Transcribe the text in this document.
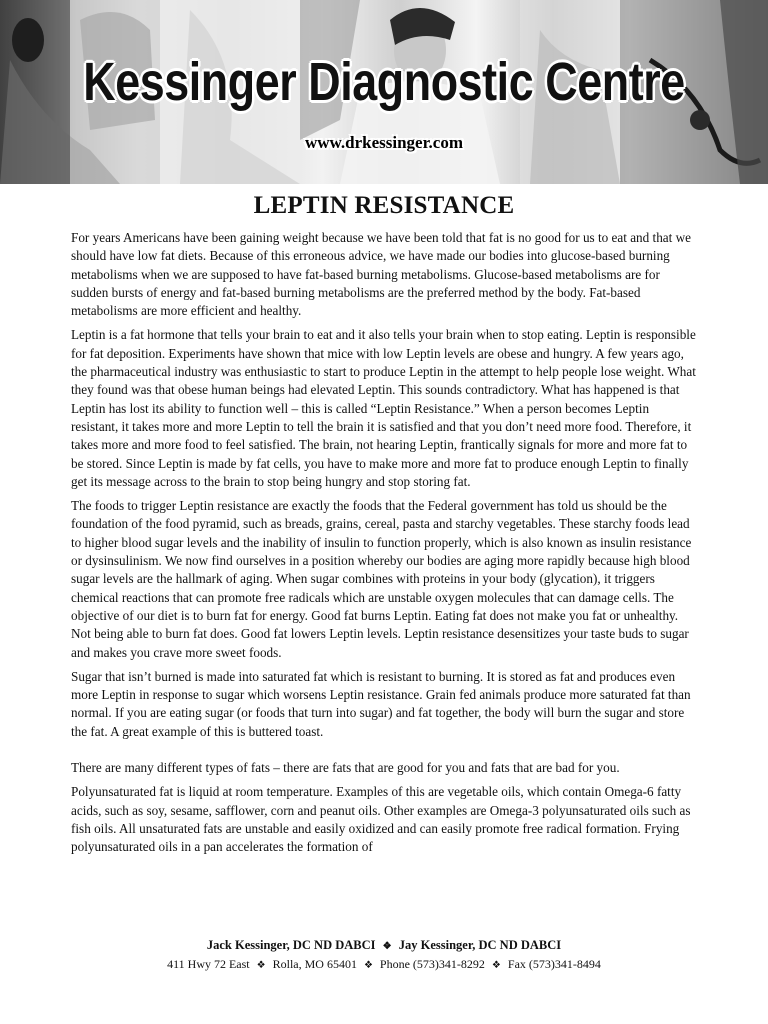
Kessinger Diagnostic Centre
www.drkessinger.com
LEPTIN RESISTANCE

For years Americans have been gaining weight because we have been told that fat is no good for us to eat and that we should have low fat diets. Because of this erroneous advice, we have made our bodies into glucose-based burning metabolisms when we are supposed to have fat-based burning metabolisms. Glucose-based metabolisms are for sudden bursts of energy and fat-based burning metabolisms are the preferred method by the body. Fat-based metabolisms are more efficient and healthy.

Leptin is a fat hormone that tells your brain to eat and it also tells your brain when to stop eating. Leptin is responsible for fat deposition. Experiments have shown that mice with low Leptin levels are obese and hungry. A few years ago, the pharmaceutical industry was enthusiastic to start to produce Leptin in the attempt to help people lose weight. What they found was that obese human beings had elevated Leptin. This sounds contradictory. What has happened is that Leptin has lost its ability to function well – this is called “Leptin Resistance.” When a person becomes Leptin resistant, it takes more and more Leptin to tell the brain it is satisfied and that you don’t need more food. Therefore, it takes more and more food to feel satisfied. The brain, not hearing Leptin, frantically signals for more and more fat to be stored. Since Leptin is made by fat cells, you have to make more and more fat to produce enough Leptin to finally get its message across to the brain to stop being hungry and stop storing fat.

The foods to trigger Leptin resistance are exactly the foods that the Federal government has told us should be the foundation of the food pyramid, such as breads, grains, cereal, pasta and starchy vegetables. These starchy foods lead to higher blood sugar levels and the inability of insulin to function properly, which is also known as insulin resistance or dysinsulinism. We now find ourselves in a position whereby our bodies are aging more rapidly because high blood sugar levels are the hallmark of aging. When sugar combines with proteins in your body (glycation), it triggers chemical reactions that can promote free radicals which are unstable oxygen molecules that can damage cells. The objective of our diet is to burn fat for energy. Good fat burns Leptin. Eating fat does not make you fat or unhealthy. Not being able to burn fat does. Good fat lowers Leptin levels. Leptin resistance desensitizes your taste buds to sugar and makes you crave more sweet foods.

Sugar that isn’t burned is made into saturated fat which is resistant to burning. It is stored as fat and produces even more Leptin in response to sugar which worsens Leptin resistance. Grain fed animals produce more saturated fat than normal. If you are eating sugar (or foods that turn into sugar) and fat together, the body will burn the sugar and store the fat. A great example of this is buttered toast.

There are many different types of fats – there are fats that are good for you and fats that are bad for you.

Polyunsaturated fat is liquid at room temperature. Examples of this are vegetable oils, which contain Omega-6 fatty acids, such as soy, sesame, safflower, corn and peanut oils. Other examples are Omega-3 polyunsaturated oils such as fish oils. All unsaturated fats are unstable and easily oxidized and can easily promote free radical formation. Frying polyunsaturated oils in a pan accelerates the formation of

Jack Kessinger, DC ND DABCI ❖ Jay Kessinger, DC ND DABCI
411 Hwy 72 East ❖ Rolla, MO 65401 ❖ Phone (573)341-8292 ❖ Fax (573)341-8494
